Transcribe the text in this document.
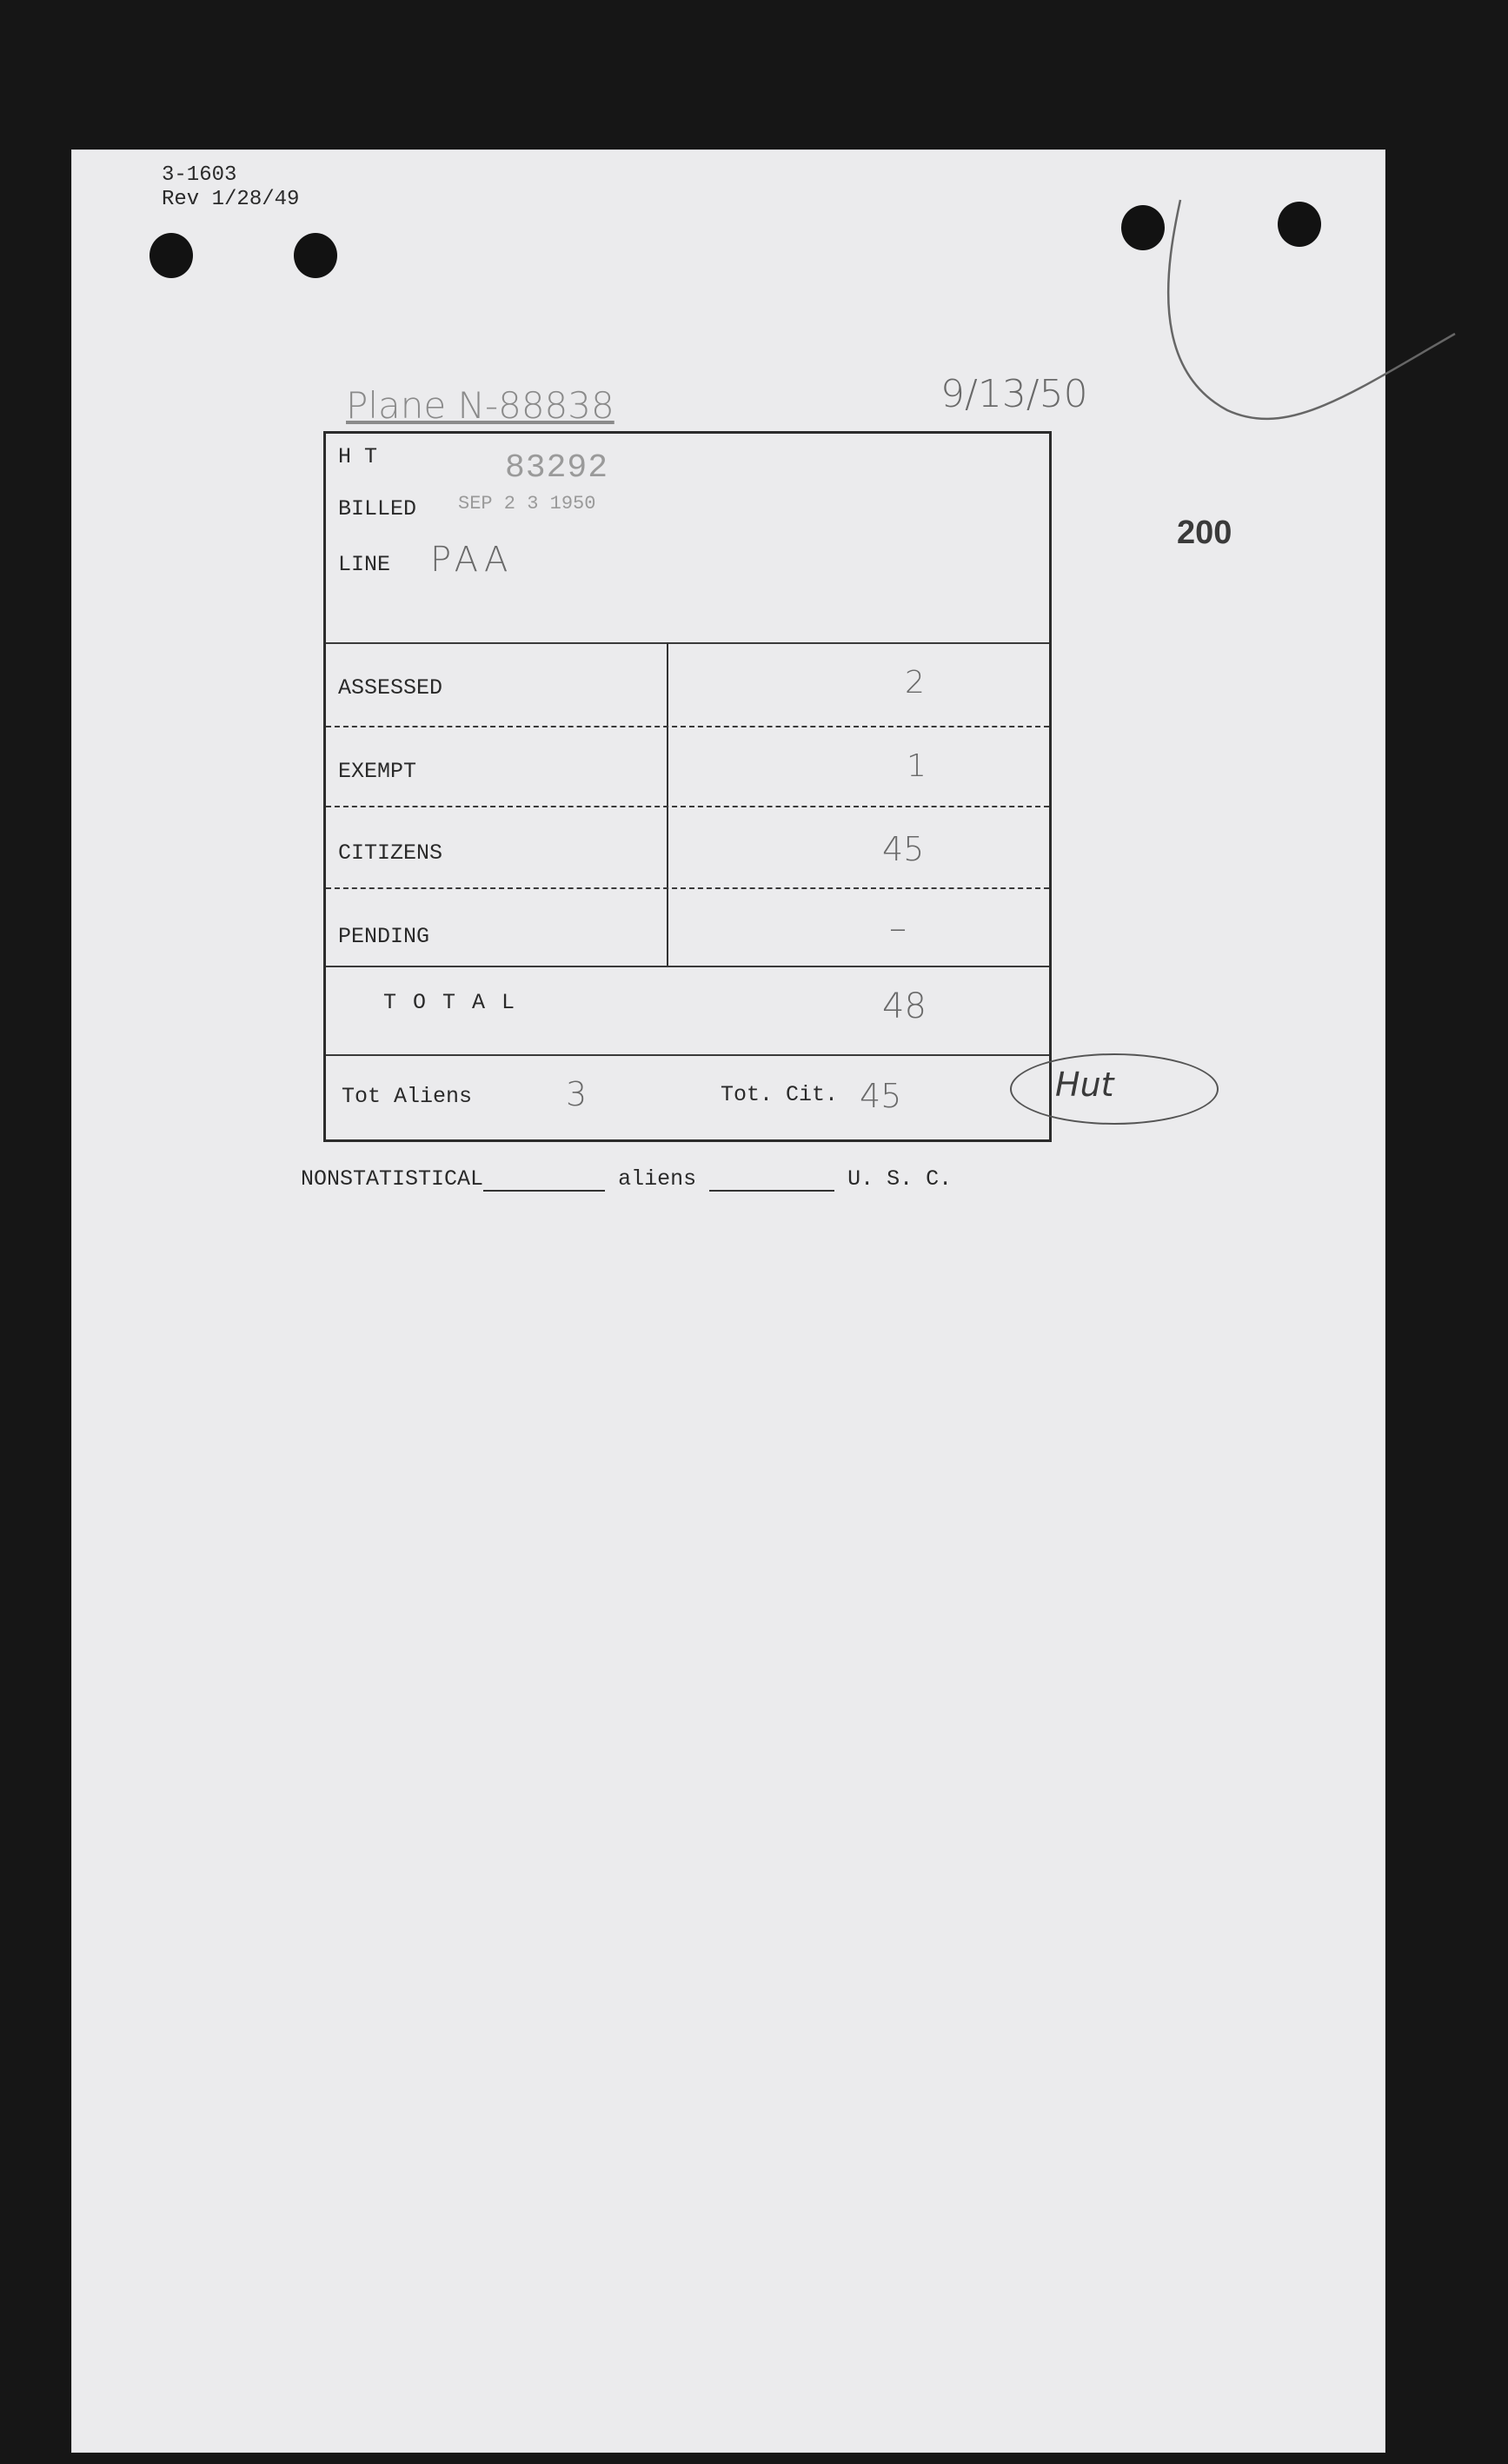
3-1603
Rev 1/28/49
200
Plane N-88838	9/13/50
H T	83292
BILLED SEP 2 3 1950
LINE PAA
ASSESSED	2
EXEMPT	1
CITIZENS	45
PENDING	–
T O T A L	48
Tot Aliens	3	Tot. Cit. 45	Hut
NONSTATISTICAL	aliens	U. S. C.
